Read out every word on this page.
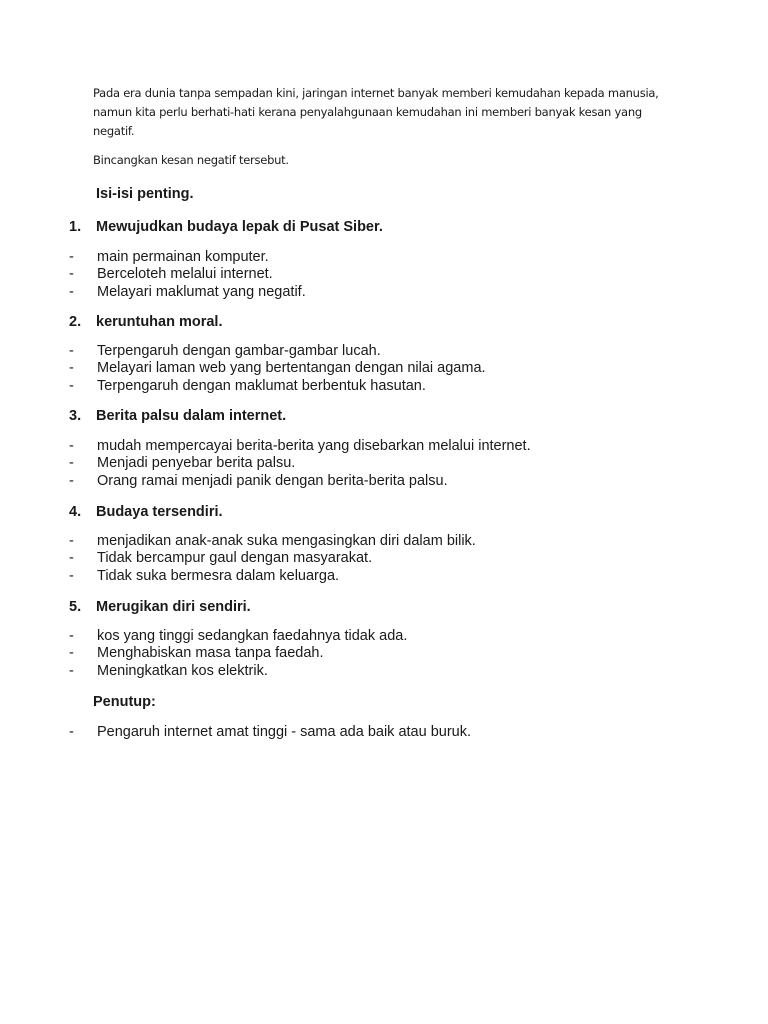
Pada era dunia tanpa sempadan kini, jaringan internet banyak memberi kemudahan kepada manusia, namun kita perlu berhati-hati kerana penyalahgunaan kemudahan ini memberi banyak kesan yang negatif.

Bincangkan kesan negatif tersebut.

Isi-isi penting.

1. Mewujudkan budaya lepak di Pusat Siber.
- main permainan komputer.
- Berceloteh melalui internet.
- Melayari maklumat yang negatif.
2. keruntuhan moral.
- Terpengaruh dengan gambar-gambar lucah.
- Melayari laman web yang bertentangan dengan nilai agama.
- Terpengaruh dengan maklumat berbentuk hasutan.
3. Berita palsu dalam internet.
- mudah mempercayai berita-berita yang disebarkan melalui internet.
- Menjadi penyebar berita palsu.
- Orang ramai menjadi panik dengan berita-berita palsu.
4. Budaya tersendiri.
- menjadikan anak-anak suka mengasingkan diri dalam bilik.
- Tidak bercampur gaul dengan masyarakat.
- Tidak suka bermesra dalam keluarga.
5. Merugikan diri sendiri.
- kos yang tinggi sedangkan faedahnya tidak ada.
- Menghabiskan masa tanpa faedah.
- Meningkatkan kos elektrik.

Penutup:

- Pengaruh internet amat tinggi - sama ada baik atau buruk.
